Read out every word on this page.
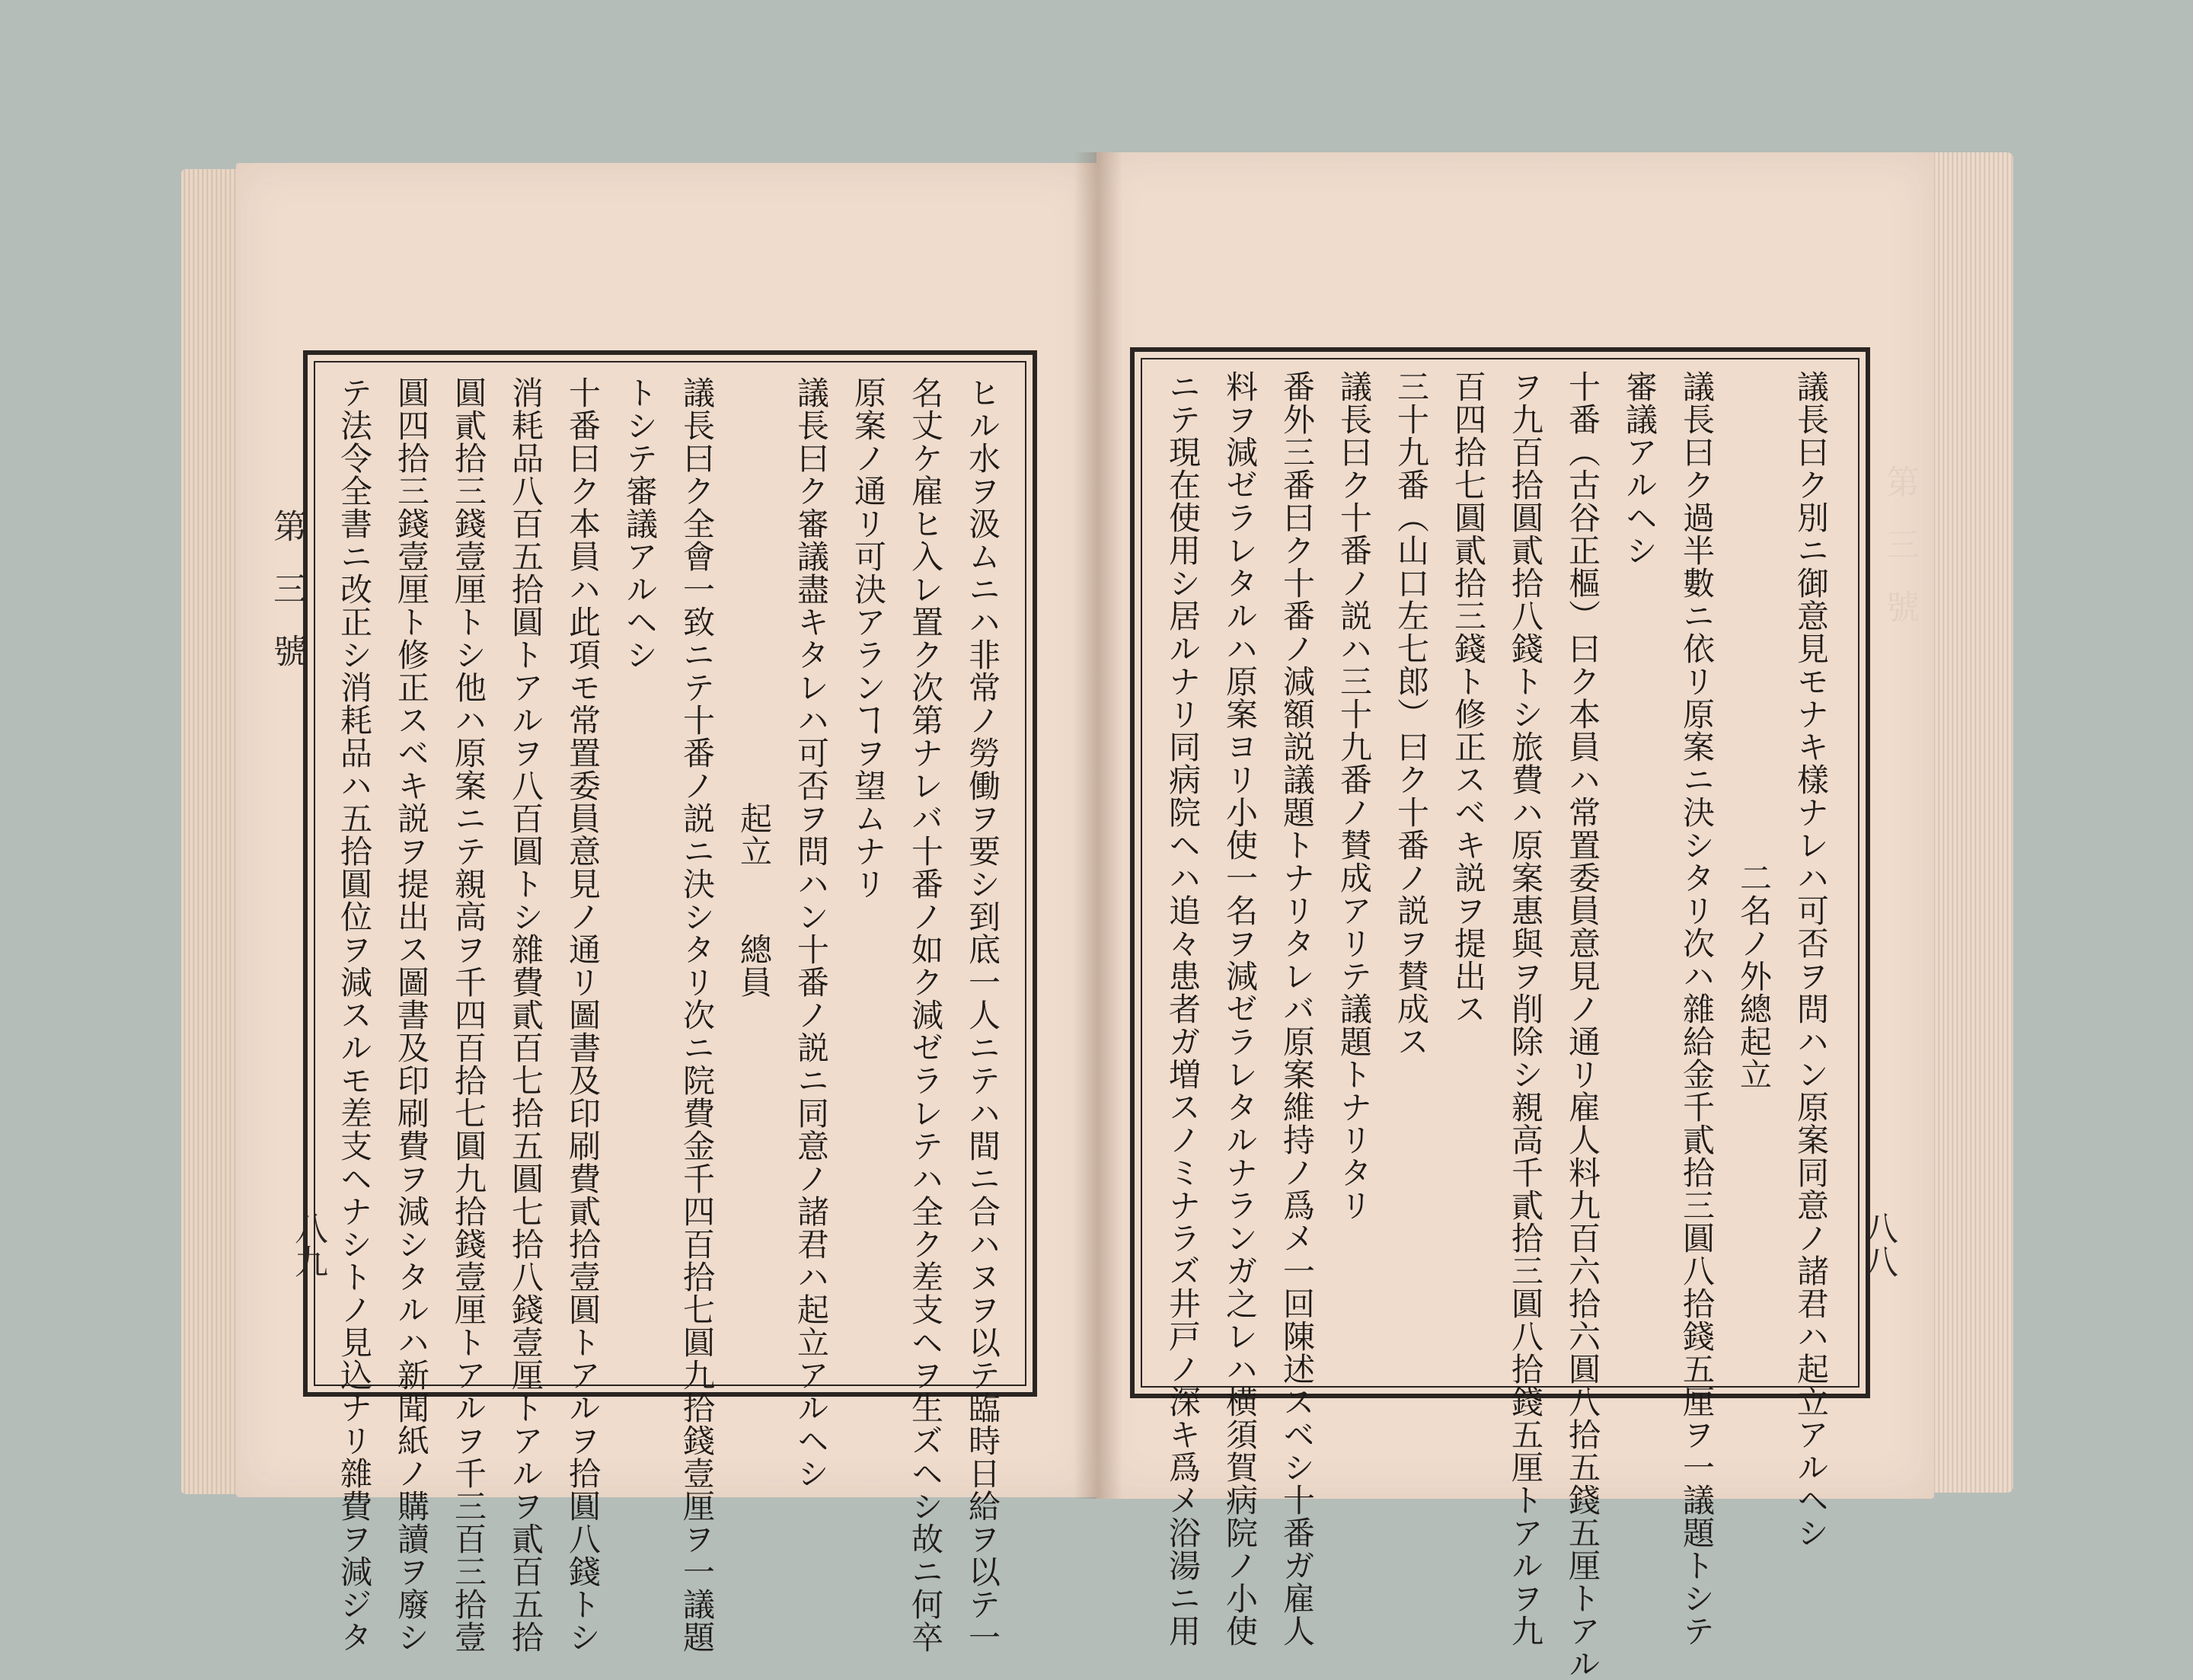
第三號
八九
第三號
八八
ヒル水ヲ汲ムニハ非常ノ勞働ヲ要シ到底一人ニテハ間ニ合ハヌヲ以テ臨時日給ヲ以テ一
名丈ケ雇ヒ入レ置ク次第ナレバ十番ノ如ク減ゼラレテハ全ク差支ヘヲ生ズヘシ故ニ何卒
原案ノ通リ可決アランヿヲ望ムナリ
議長曰ク審議盡キタレハ可否ヲ問ハン十番ノ説ニ同意ノ諸君ハ起立アルヘシ
　　　　　　　　　　　　　起立　　總員
議長曰ク全會一致ニテ十番ノ説ニ決シタリ次ニ院費金千四百拾七圓九拾錢壹厘ヲ一議題
トシテ審議アルヘシ
十番曰ク本員ハ此項モ常置委員意見ノ通リ圖書及印刷費貳拾壹圓トアルヲ拾圓八錢トシ
消耗品八百五拾圓トアルヲ八百圓トシ雜費貳百七拾五圓七拾八錢壹厘トアルヲ貳百五拾
圓貳拾三錢壹厘トシ他ハ原案ニテ親高ヲ千四百拾七圓九拾錢壹厘トアルヲ千三百三拾壹
圓四拾三錢壹厘ト修正スベキ説ヲ提出ス圖書及印刷費ヲ減シタルハ新聞紙ノ購讀ヲ廢シ
テ法令全書ニ改正シ消耗品ハ五拾圓位ヲ減スルモ差支ヘナシトノ見込ナリ雜費ヲ減ジタ	議長曰ク別ニ御意見モナキ樣ナレハ可否ヲ問ハン原案同意ノ諸君ハ起立アルヘシ
　　　　　　　　　　　　　　　二名ノ外總起立
議長曰ク過半數ニ依リ原案ニ決シタリ次ハ雜給金千貳拾三圓八拾錢五厘ヲ一議題トシテ
審議アルヘシ
十番（古谷正樞）曰ク本員ハ常置委員意見ノ通リ雇人料九百六拾六圓八拾五錢五厘トアル
ヲ九百拾圓貳拾八錢トシ旅費ハ原案惠與ヲ削除シ親高千貳拾三圓八拾錢五厘トアルヲ九
百四拾七圓貳拾三錢ト修正スベキ説ヲ提出ス
三十九番（山口左七郎）曰ク十番ノ説ヲ賛成ス
議長曰ク十番ノ説ハ三十九番ノ賛成アリテ議題トナリタリ
番外三番曰ク十番ノ減額説議題トナリタレバ原案維持ノ爲メ一回陳述スベシ十番ガ雇人
料ヲ減ゼラレタルハ原案ヨリ小使一名ヲ減ゼラレタルナランガ之レハ横須賀病院ノ小使
ニテ現在使用シ居ルナリ同病院ヘハ追々患者ガ増スノミナラズ井戸ノ深キ爲メ浴湯ニ用
